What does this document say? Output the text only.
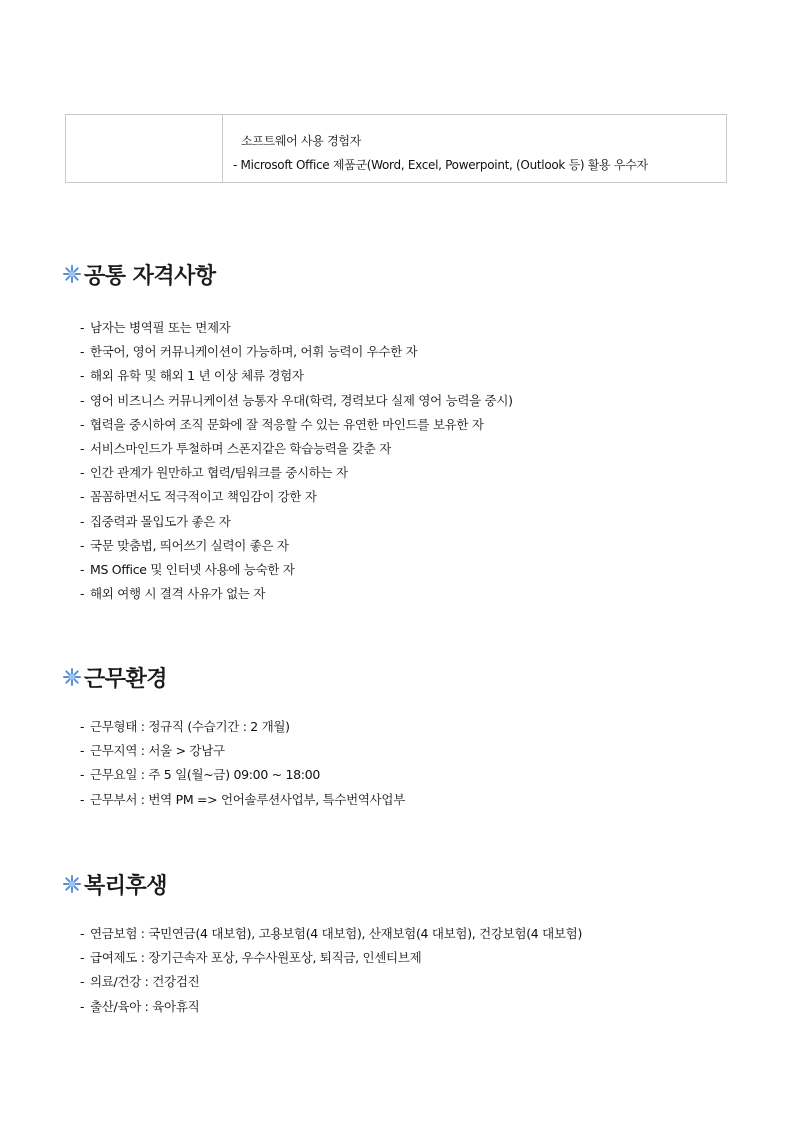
소프트웨어 사용 경험자
- Microsoft Office 제품군(Word, Excel, Powerpoint, (Outlook 등) 활용 우수자
공통 자격사항
- 남자는 병역필 또는 면제자
- 한국어, 영어 커뮤니케이션이 가능하며, 어휘 능력이 우수한 자
- 해외 유학 및 해외 1 년 이상 체류 경험자
- 영어 비즈니스 커뮤니케이션 능통자 우대(학력, 경력보다 실제 영어 능력을 중시)
- 협력을 중시하여 조직 문화에 잘 적응할 수 있는 유연한 마인드를 보유한 자
- 서비스마인드가 투철하며 스폰지같은 학습능력을 갖춘 자
- 인간 관계가 원만하고 협력/팀워크를 중시하는 자
- 꼼꼼하면서도 적극적이고 책임감이 강한 자
- 집중력과 몰입도가 좋은 자
- 국문 맞춤법, 띄어쓰기 실력이 좋은 자
- MS Office 및 인터넷 사용에 능숙한 자
- 해외 여행 시 결격 사유가 없는 자
근무환경
- 근무형태 : 정규직 (수습기간 : 2 개월)
- 근무지역 : 서울 > 강남구
- 근무요일 : 주 5 일(월~금) 09:00 ~ 18:00
- 근무부서 : 번역 PM => 언어솔루션사업부, 특수번역사업부
복리후생
- 연금보험 : 국민연금(4 대보험), 고용보험(4 대보험), 산재보험(4 대보험), 건강보험(4 대보험)
- 급여제도 : 장기근속자 포상, 우수사원포상, 퇴직금, 인센티브제
- 의료/건강 : 건강검진
- 출산/육아 : 육아휴직
